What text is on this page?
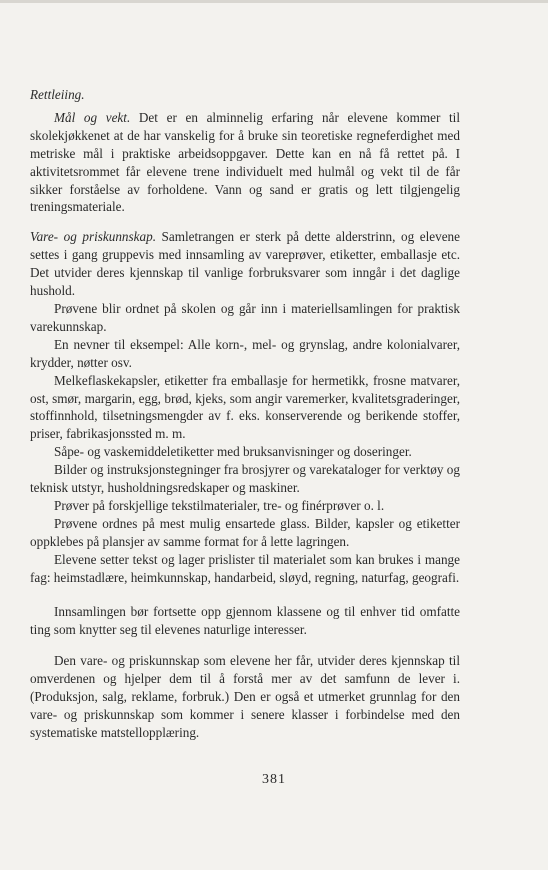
Rettleiing.

Mål og vekt. Det er en alminnelig erfaring når elevene kommer til skolekjøkkenet at de har vanskelig for å bruke sin teoretiske regneferdighet med metriske mål i praktiske arbeidsoppgaver. Dette kan en nå få rettet på. I aktivitetsrommet får elevene trene individuelt med hulmål og vekt til de får sikker forståelse av forholdene. Vann og sand er gratis og lett tilgjengelig treningsmateriale.

Vare- og priskunnskap. Samletrangen er sterk på dette alderstrinn, og elevene settes i gang gruppevis med innsamling av vareprøver, etiketter, emballasje etc. Det utvider deres kjennskap til vanlige forbruksvarer som inngår i det daglige hushold.

Prøvene blir ordnet på skolen og går inn i materiellsamlingen for praktisk varekunnskap.

En nevner til eksempel: Alle korn-, mel- og grynslag, andre kolonialvarer, krydder, nøtter osv.

Melkeflaskekapsler, etiketter fra emballasje for hermetikk, frosne matvarer, ost, smør, margarin, egg, brød, kjeks, som angir varemerker, kvalitetsgraderinger, stoffinnhold, tilsetningsmengder av f. eks. konserverende og berikende stoffer, priser, fabrikasjonssted m. m.

Såpe- og vaskemiddeletiketter med bruksanvisninger og doseringer.

Bilder og instruksjonstegninger fra brosjyrer og varekataloger for verktøy og teknisk utstyr, husholdningsredskaper og maskiner.

Prøver på forskjellige tekstilmaterialer, tre- og finérprøver o. l.

Prøvene ordnes på mest mulig ensartede glass. Bilder, kapsler og etiketter oppklebes på plansjer av samme format for å lette lagringen.

Elevene setter tekst og lager prislister til materialet som kan brukes i mange fag: heimstadlære, heimkunnskap, handarbeid, sløyd, regning, naturfag, geografi.

Innsamlingen bør fortsette opp gjennom klassene og til enhver tid omfatte ting som knytter seg til elevenes naturlige interesser.

Den vare- og priskunnskap som elevene her får, utvider deres kjennskap til omverdenen og hjelper dem til å forstå mer av det samfunn de lever i. (Produksjon, salg, reklame, forbruk.) Den er også et utmerket grunnlag for den vare- og priskunnskap som kommer i senere klasser i forbindelse med den systematiske matstellopplæring.

381
